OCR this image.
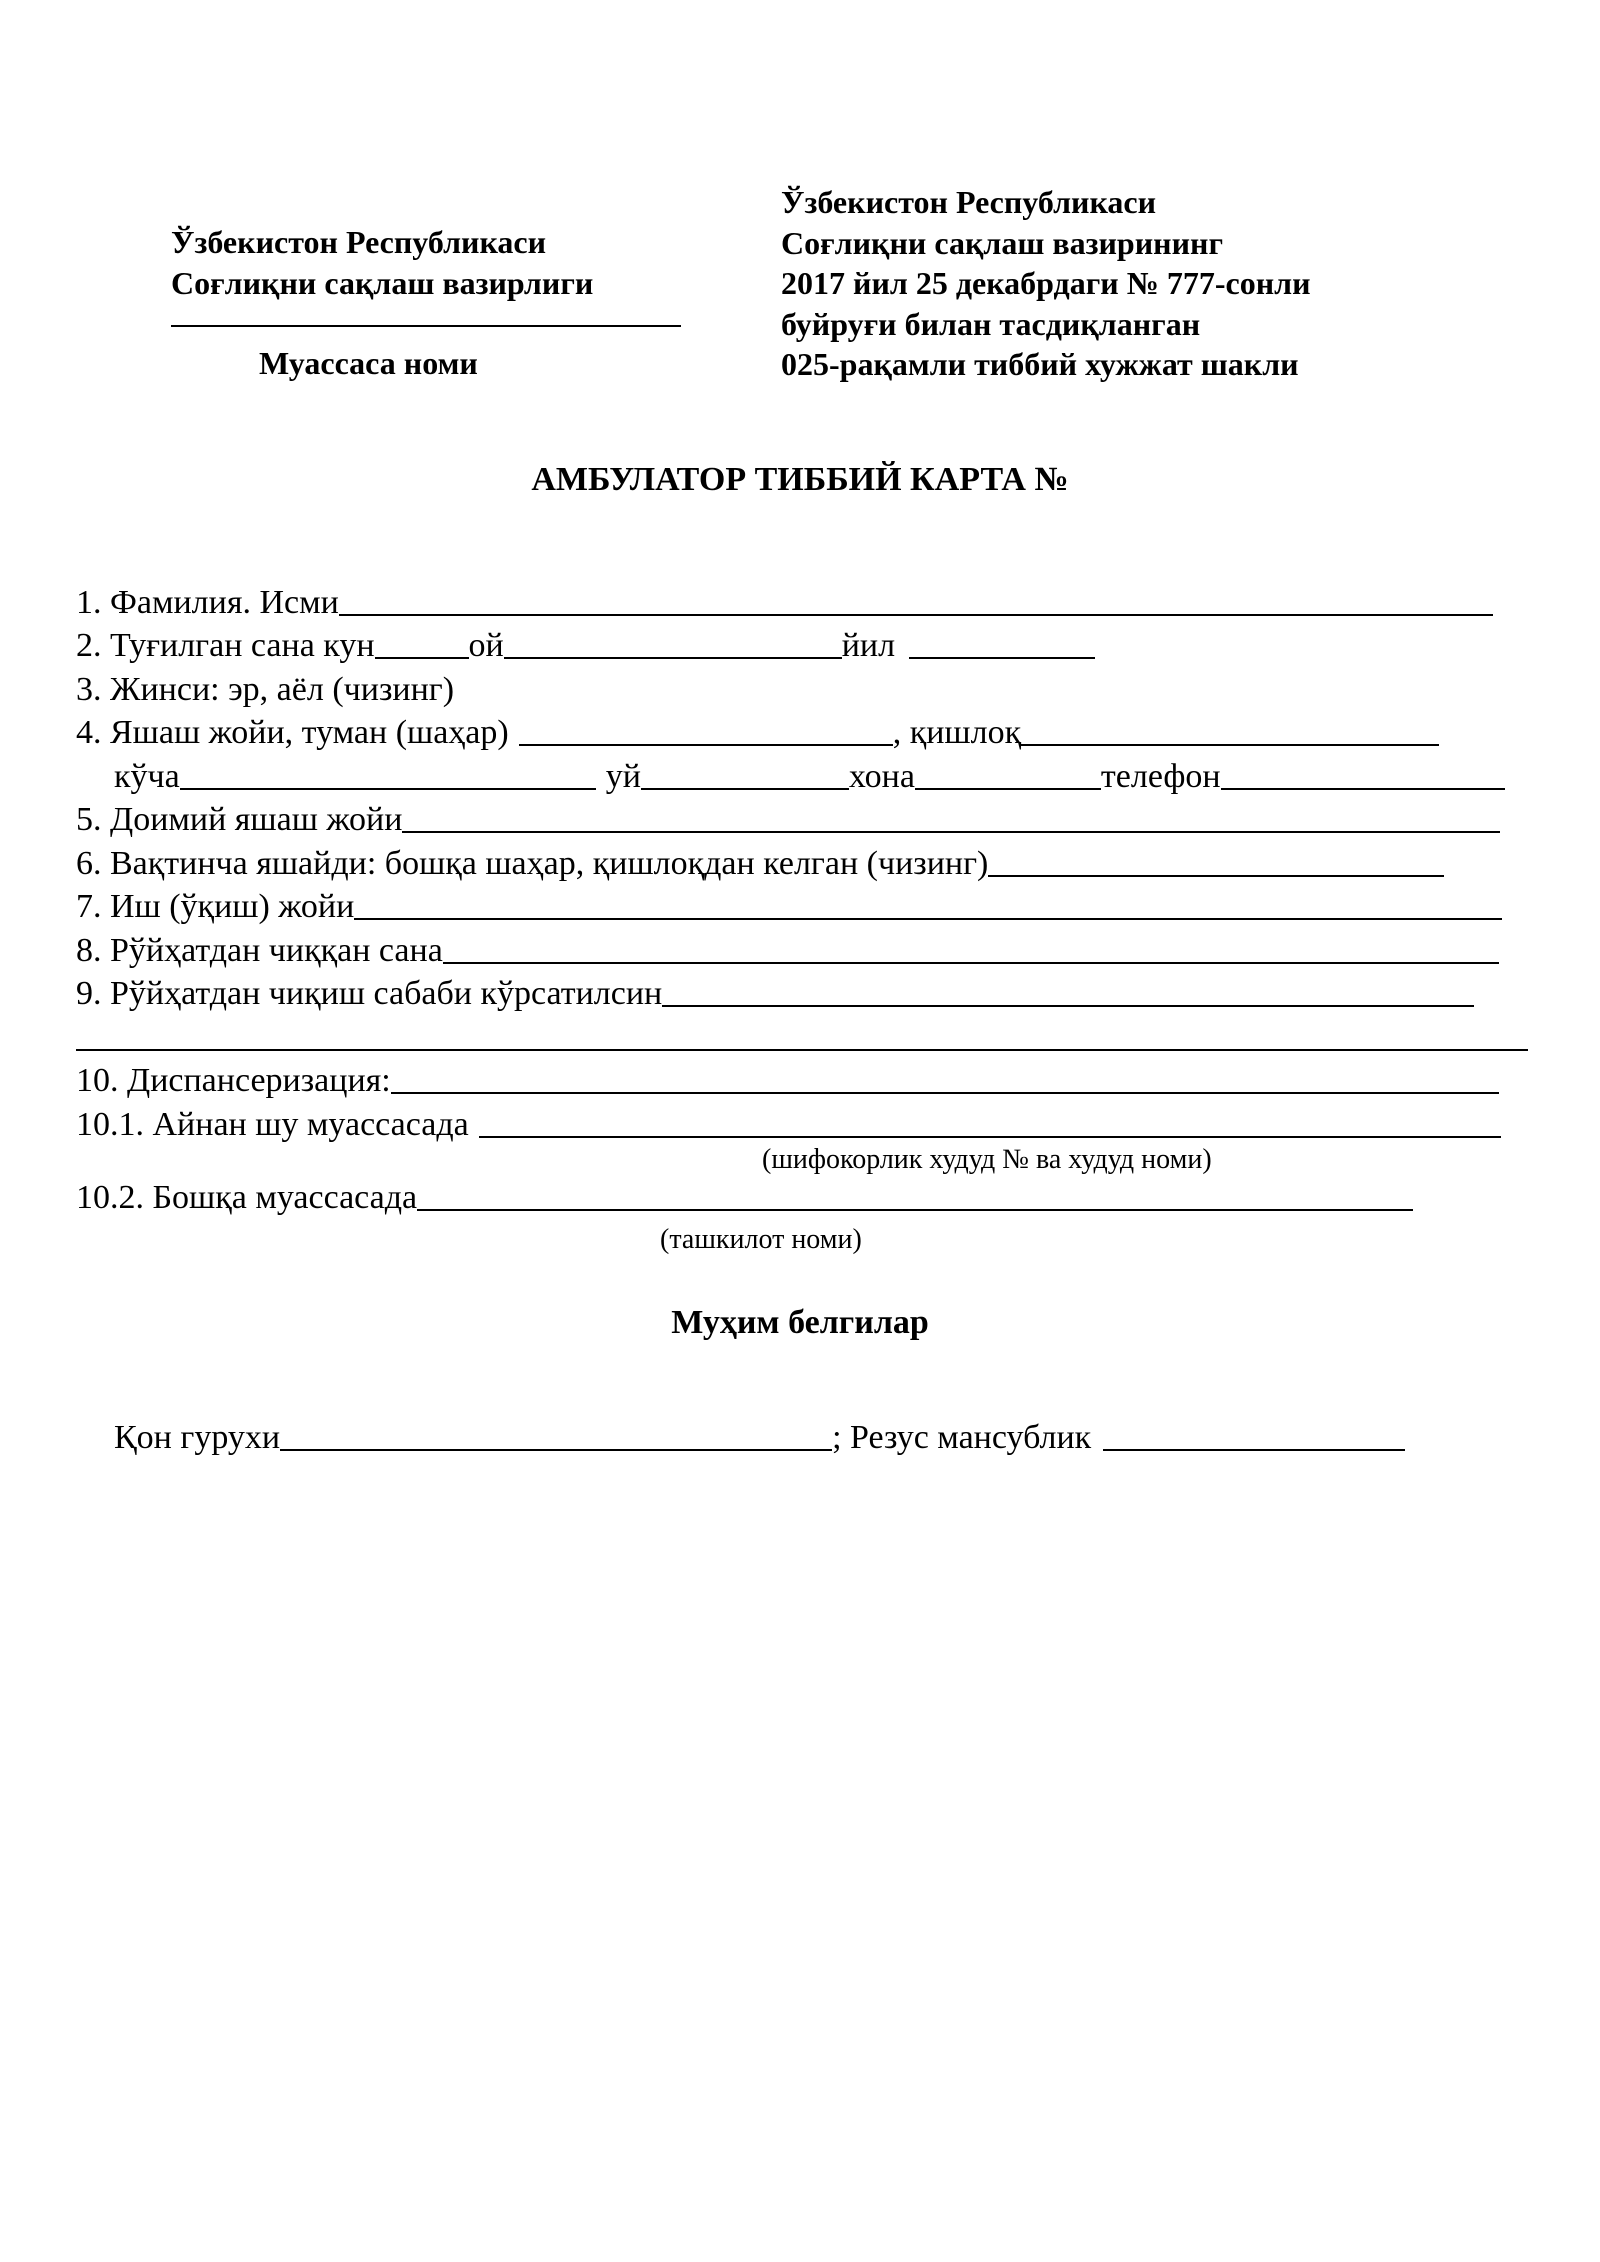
Ўзбекистон Республикаси
Соғлиқни сақлаш вазирлиги
Муассаса номи
Ўзбекистон Республикаси
Соғлиқни сақлаш вазирининг
2017 йил 25 декабрдаги № 777-сонли
буйруғи билан тасдиқланган
025-рақамли тиббий хужжат шакли
АМБУЛАТОР ТИББИЙ КАРТА №
1. Фамилия. Исми
2. Туғилган сана кун	ой	йил
3. Жинси: эр, аёл (чизинг)
4. Яшаш жойи, туман (шаҳар)	, қишлоқ
кўча	уй	хона	телефон
5. Доимий яшаш жойи
6. Вақтинча яшайди: бошқа шаҳар, қишлоқдан келган (чизинг)
7. Иш (ўқиш) жойи
8. Рўйҳатдан чиққан сана
9. Рўйҳатдан чиқиш сабаби кўрсатилсин
10. Диспансеризация:
10.1. Айнан шу муассасада
(шифокорлик худуд № ва худуд номи)
10.2. Бошқа муассасада
(ташкилот номи)
Муҳим белгилар
Қон гурухи	; Резус мансублик
